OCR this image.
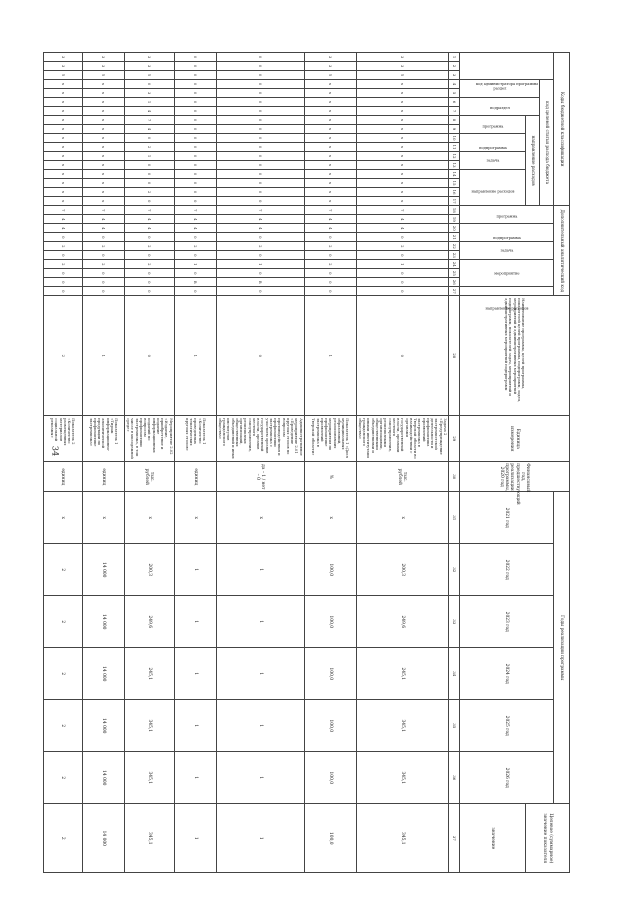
34
Коды бюджетной классификации																	Дополнительный аналитический код										Наименование программы, целей программы, показателей целей программы, подпрограмм, задач, мероприятий и административных мероприятий подпрограмм, показателей задач, мероприятий и административных мероприятий подпрограмм	Единица измерения	Финансовый год, предшествующий реализации программы, 2020 год	Годы реализации программы						Целевое (суммарное) значение показателя	
код администратора программы			код целевой статьи расхода бюджета														программа		подпрограмма		задача		мероприятие			направление расходов				2021 год	2022 год	2023 год	2024 год	2025 год	2026 год		
			раздел		подраздел		направление расходов																														
							программа		подпрограмма		задача		направление расходов																							значение	
1	2	3	4	5	6	7	8	9	10	11	12	13	14	15	16	17	18	19	20	21	22	23	24	25	26	27	28	29	30	31	32	33	34	35	36	37	
3	3	5	х	х	х	х	х	х	х	х	х	х	х	х	х	х	7	4	4	0	2	0	1	0	0	0	0	Задача 2 «Предупреждение экстремистской деятельности и профилактика проявлений экстремизма в Тверской области во взаимодействии с органами государственной власти, органами местного самоуправления, религиозными организациями, общественными объединениями и иными институтами гражданского общества»	тыс. рублей	х	200,3	249,6	245,1	345,1	345,1	345,1	
3	3	5	х	х	х	х	х	х	х	х	х	х	х	х	х	х	7	4	4	0	2	0	2	0	0	0	1	Показатель 1 «Доля муниципальных образований, реализовавших мероприятия по профилактике проявлений экстремизма в Тверской области»	%	х	100,0	100,0	100,0	100,0	100,0	100,0	
0	0	0	0	0	0	0	0	0	0	0	0	0	0	0	0	0	7	4	4	0	2	0	1	0	В	0	0	Административное мероприятие 2.01 «Проведение круглых столов по вопросам противодействия и профилактики экстремизма с участием органов государственной власти, органов местного самоуправления, религиозных организаций, общественных объединений и иных институтов гражданского общества»	да – 1 / нет – 0	х	1	1	1	1	1	1	
0	0	0	0	0	0	0	0	0	0	0	0	0	0	0	0	0	7	4	4	0	2	0	1	0	В	0	1	Показатель 1 «Количество проведенных тематических круглых столов»	единиц	х	1	1	1	1	1	1	
3	3	5	0	3	1	4	7	4	0	2	1	0	0	0	2	0	7	4	4	0	2	0	2	0	0	0	0	Мероприятие 2.02 «Издание, приобретение и издание информационных изданий по вопросам профилактики экстремизма, в том числе в молодежной среде»	тыс. рублей	х	200,3	249,6	245,1	345,1	345,1	345,1	
3	3	5	х	х	х	х	х	х	х	х	х	х	х	х	х	х	7	4	4	0	2	0	2	0	0	0	1	Показатель 1 «Тираж информационно-аналитической продукции по профилактике экстремизма»	единиц	х	14 000	14 000	14 000	14 000	14 000	14 000	
3	3	5	х	х	х	х	х	х	х	х	х	х	х	х	х	х	7	4	4	0	2	0	2	0	0	0	2	Показатель 2 «Количество размещенных материалов социальной рекламы»	единиц	х	2	2	2	2	2	2	
